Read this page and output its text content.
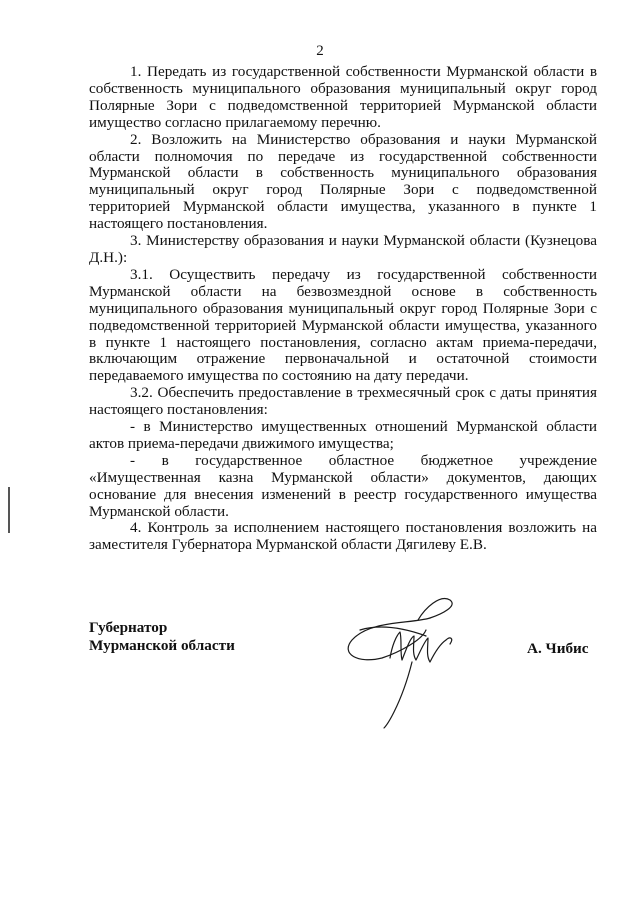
2

1. Передать из государственной собственности Мурманской области в собственность муниципального образования муниципальный округ город Полярные Зори с подведомственной территорией Мурманской области имущество согласно прилагаемому перечню.

2. Возложить на Министерство образования и науки Мурманской области полномочия по передаче из государственной собственности Мурманской области в собственность муниципального образования муниципальный округ город Полярные Зори с подведомственной территорией Мурманской области имущества, указанного в пункте 1 настоящего постановления.

3. Министерству образования и науки Мурманской области (Кузнецова Д.Н.):

3.1. Осуществить передачу из государственной собственности Мурманской области на безвозмездной основе в собственность муниципального образования муниципальный округ город Полярные Зори с подведомственной территорией Мурманской области имущества, указанного в пункте 1 настоящего постановления, согласно актам приема-передачи, включающим отражение первоначальной и остаточной стоимости передаваемого имущества по состоянию на дату передачи.

3.2. Обеспечить предоставление в трехмесячный срок с даты принятия настоящего постановления:

- в Министерство имущественных отношений Мурманской области актов приема-передачи движимого имущества;

- в государственное областное бюджетное учреждение «Имущественная казна Мурманской области» документов, дающих основание для внесения изменений в реестр государственного имущества Мурманской области.

4. Контроль за исполнением настоящего постановления возложить на заместителя Губернатора Мурманской области Дягилеву Е.В.

Губернатор
Мурманской области	А. Чибис
